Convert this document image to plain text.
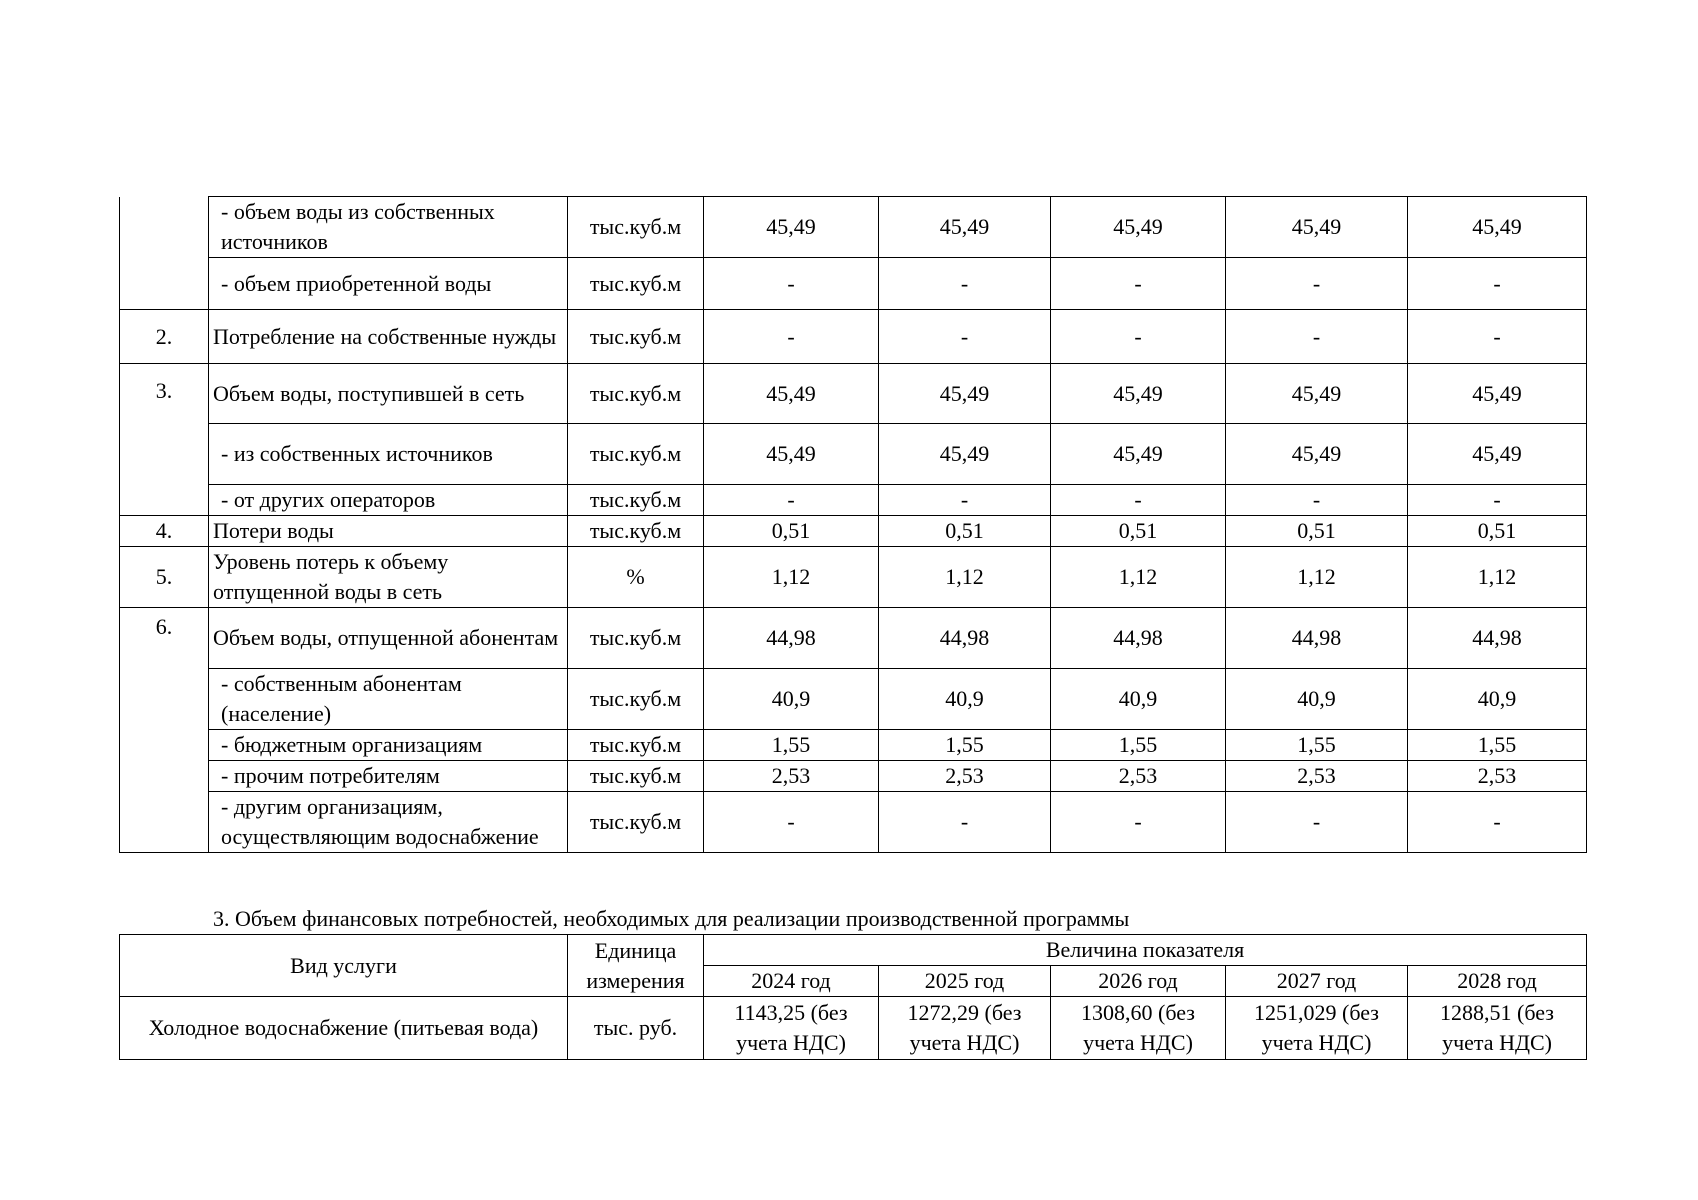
	- объем воды из собственных источников	тыс.куб.м	45,49	45,49	45,49	45,49	45,49
	- объем приобретенной воды	тыс.куб.м	-	-	-	-	-
2.	Потребление на собственные нужды	тыс.куб.м	-	-	-	-	-
3.	Объем воды, поступившей в сеть	тыс.куб.м	45,49	45,49	45,49	45,49	45,49
	- из собственных источников	тыс.куб.м	45,49	45,49	45,49	45,49	45,49
	- от других операторов	тыс.куб.м	-	-	-	-	-
4.	Потери воды	тыс.куб.м	0,51	0,51	0,51	0,51	0,51
5.	Уровень потерь к объему отпущенной воды в сеть	%	1,12	1,12	1,12	1,12	1,12
6.	Объем воды, отпущенной абонентам	тыс.куб.м	44,98	44,98	44,98	44,98	44,98
	- собственным абонентам (население)	тыс.куб.м	40,9	40,9	40,9	40,9	40,9
	- бюджетным организациям	тыс.куб.м	1,55	1,55	1,55	1,55	1,55
	- прочим потребителям	тыс.куб.м	2,53	2,53	2,53	2,53	2,53
	- другим организациям, осуществляющим водоснабжение	тыс.куб.м	-	-	-	-	-
3. Объем финансовых потребностей, необходимых для реализации производственной программы
Вид услуги	Единица измерения	Величина показателя				
		2024 год	2025 год	2026 год	2027 год	2028 год
Холодное водоснабжение (питьевая вода)	тыс. руб.	1143,25 (без учета НДС)	1272,29 (без учета НДС)	1308,60 (без учета НДС)	1251,029 (без учета НДС)	1288,51 (без учета НДС)
